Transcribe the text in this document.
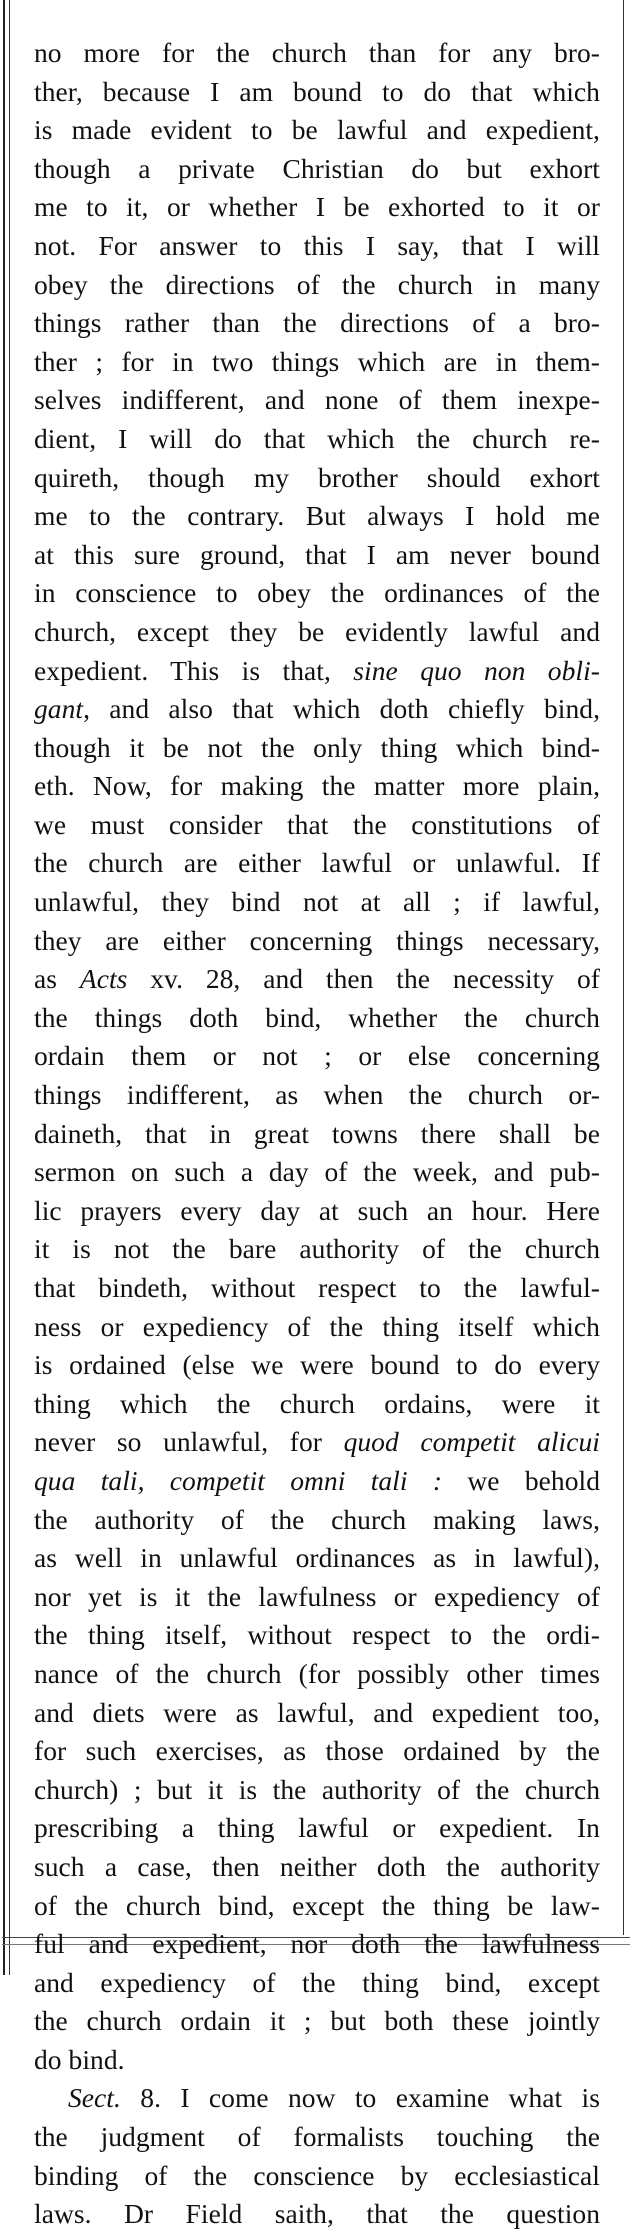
no more for the church than for any bro-
ther, because I am bound to do that which
is made evident to be lawful and expedient,
though a private Christian do but exhort
me to it, or whether I be exhorted to it or
not. For answer to this I say, that I will
obey the directions of the church in many
things rather than the directions of a bro-
ther ; for in two things which are in them-
selves indifferent, and none of them inexpe-
dient, I will do that which the church re-
quireth, though my brother should exhort
me to the contrary. But always I hold me
at this sure ground, that I am never bound
in conscience to obey the ordinances of the
church, except they be evidently lawful and
expedient. This is that, sine quo non obli-
gant, and also that which doth chiefly bind,
though it be not the only thing which bind-
eth. Now, for making the matter more plain,
we must consider that the constitutions of
the church are either lawful or unlawful. If
unlawful, they bind not at all ; if lawful,
they are either concerning things necessary,
as Acts xv. 28, and then the necessity of
the things doth bind, whether the church
ordain them or not ; or else concerning
things indifferent, as when the church or-
daineth, that in great towns there shall be
sermon on such a day of the week, and pub-
lic prayers every day at such an hour. Here
it is not the bare authority of the church
that bindeth, without respect to the lawful-
ness or expediency of the thing itself which
is ordained (else we were bound to do every
thing which the church ordains, were it
never so unlawful, for quod competit alicui
qua tali, competit omni tali : we behold
the authority of the church making laws,
as well in unlawful ordinances as in lawful),
nor yet is it the lawfulness or expediency of
the thing itself, without respect to the ordi-
nance of the church (for possibly other times
and diets were as lawful, and expedient too,
for such exercises, as those ordained by the
church) ; but it is the authority of the church
prescribing a thing lawful or expedient. In
such a case, then neither doth the authority
of the church bind, except the thing be law-
ful and expedient, nor doth the lawfulness
and expediency of the thing bind, except
the church ordain it ; but both these jointly
do bind.
Sect. 8. I come now to examine what is
the judgment of formalists touching the
binding of the conscience by ecclesiastical
laws. Dr Field saith, that the question
